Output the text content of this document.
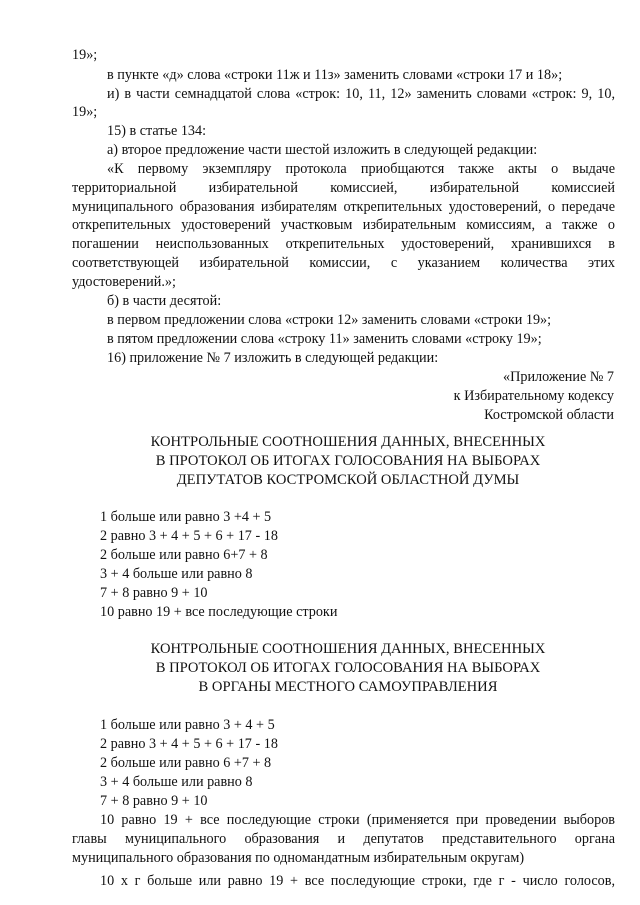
19»;
в пункте «д» слова «строки 11ж и 11з» заменить словами «строки 17 и 18»;
и) в части семнадцатой слова «строк: 10, 11, 12» заменить словами «строк: 9, 10,
19»;
15) в статье 134:
а) второе предложение части шестой изложить в следующей редакции:
«К первому экземпляру протокола приобщаются также акты о выдаче
территориальной избирательной комиссией, избирательной комиссией
муниципального образования избирателям открепительных удостоверений, о передаче
открепительных удостоверений участковым избирательным комиссиям, а также о
погашении неиспользованных открепительных удостоверений, хранившихся в
соответствующей избирательной комиссии, с указанием количества этих
удостоверений.»;
б) в части десятой:
в первом предложении слова «строки 12» заменить словами «строки 19»;
в пятом предложении слова «строку 11» заменить словами «строку 19»;
16) приложение № 7 изложить в следующей редакции:
«Приложение № 7
к Избирательному кодексу
Костромской области
КОНТРОЛЬНЫЕ СООТНОШЕНИЯ ДАННЫХ, ВНЕСЕННЫХ
В ПРОТОКОЛ ОБ ИТОГАХ ГОЛОСОВАНИЯ НА ВЫБОРАХ
ДЕПУТАТОВ КОСТРОМСКОЙ ОБЛАСТНОЙ ДУМЫ
1 больше или равно 3 +4 + 5
2 равно 3 + 4 + 5 + 6 + 17 - 18
2 больше или равно 6+7 + 8
3 + 4 больше или равно 8
7 + 8 равно 9 + 10
10 равно 19 + все последующие строки
КОНТРОЛЬНЫЕ СООТНОШЕНИЯ ДАННЫХ, ВНЕСЕННЫХ
В ПРОТОКОЛ ОБ ИТОГАХ ГОЛОСОВАНИЯ НА ВЫБОРАХ
В ОРГАНЫ МЕСТНОГО САМОУПРАВЛЕНИЯ
1 больше или равно 3 + 4 + 5
2 равно 3 + 4 + 5 + 6 + 17 - 18
2 больше или равно 6 +7 + 8
3 + 4 больше или равно 8
7 + 8 равно 9 + 10
10 равно 19 + все последующие строки (применяется при проведении выборов
главы муниципального образования и депутатов представительного органа
муниципального образования по одномандатным избирательным округам)
10 х г больше или равно 19 + все последующие строки, где г - число голосов,
